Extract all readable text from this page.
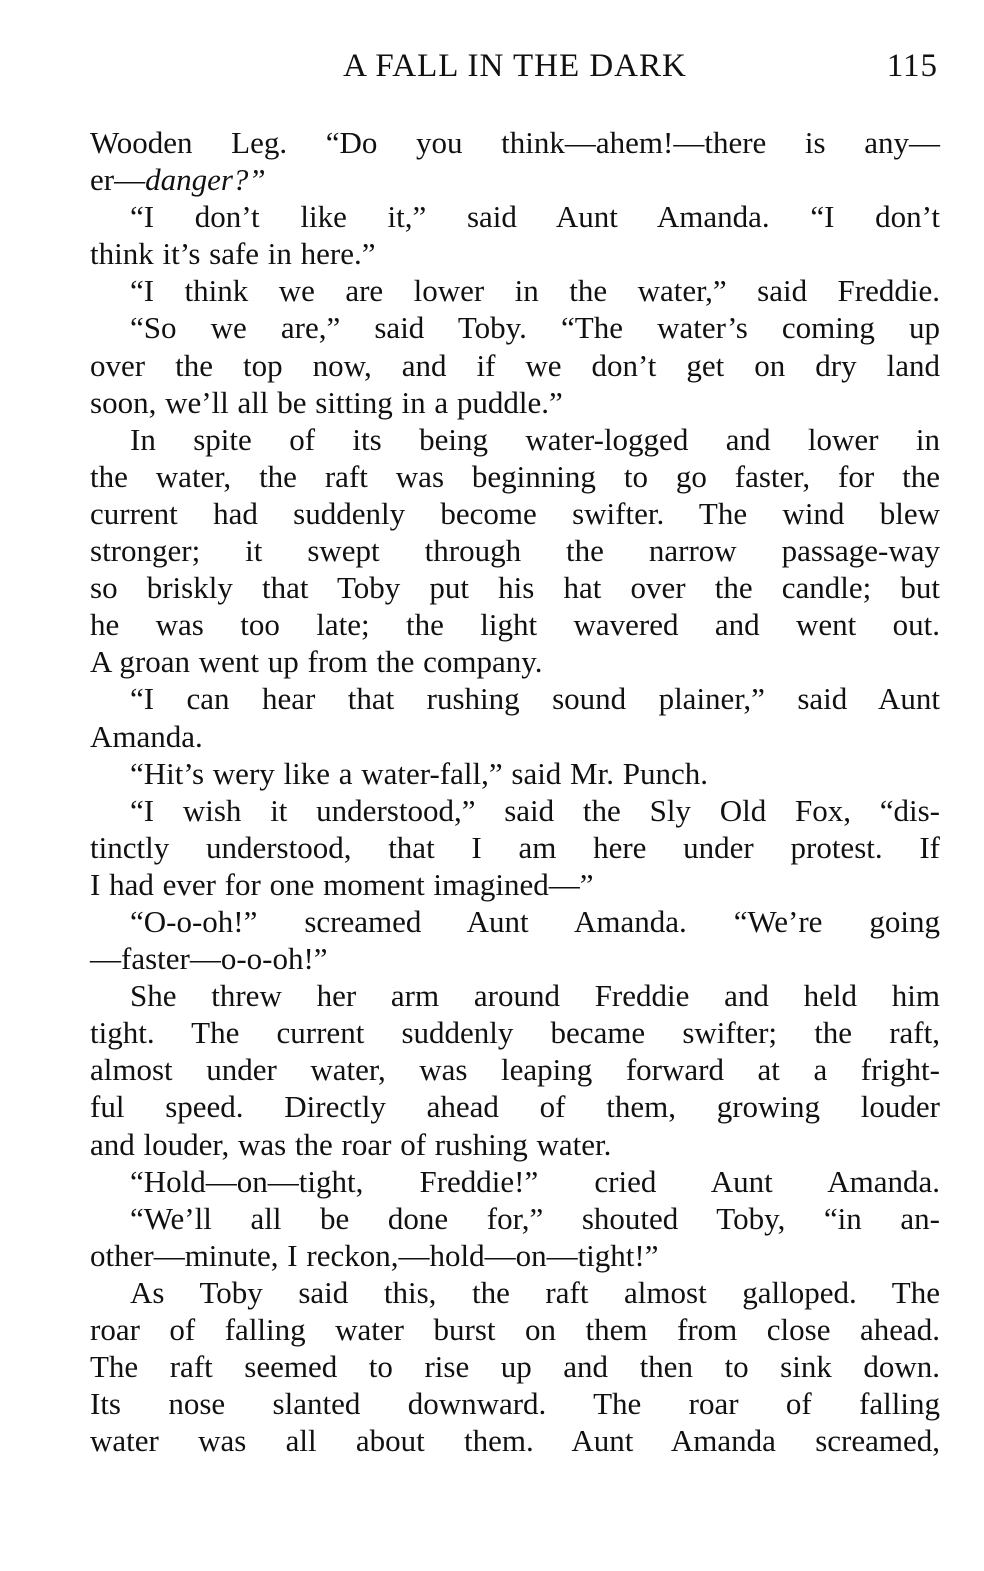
A FALL IN THE DARK	115
Wooden Leg. “Do you think—ahem!—there is any—
er—danger?”
“I don’t like it,” said Aunt Amanda. “I don’t
think it’s safe in here.”
“I think we are lower in the water,” said Freddie.
“So we are,” said Toby. “The water’s coming up
over the top now, and if we don’t get on dry land
soon, we’ll all be sitting in a puddle.”
In spite of its being water-logged and lower in
the water, the raft was beginning to go faster, for the
current had suddenly become swifter. The wind blew
stronger; it swept through the narrow passage-way
so briskly that Toby put his hat over the candle; but
he was too late; the light wavered and went out.
A groan went up from the company.
“I can hear that rushing sound plainer,” said Aunt
Amanda.
“Hit’s wery like a water-fall,” said Mr. Punch.
“I wish it understood,” said the Sly Old Fox, “dis-
tinctly understood, that I am here under protest. If
I had ever for one moment imagined—”
“O-o-oh!” screamed Aunt Amanda. “We’re going
—faster—o-o-oh!”
She threw her arm around Freddie and held him
tight. The current suddenly became swifter; the raft,
almost under water, was leaping forward at a fright-
ful speed. Directly ahead of them, growing louder
and louder, was the roar of rushing water.
“Hold—on—tight, Freddie!” cried Aunt Amanda.
“We’ll all be done for,” shouted Toby, “in an-
other—minute, I reckon,—hold—on—tight!”
As Toby said this, the raft almost galloped. The
roar of falling water burst on them from close ahead.
The raft seemed to rise up and then to sink down.
Its nose slanted downward. The roar of falling
water was all about them. Aunt Amanda screamed,
